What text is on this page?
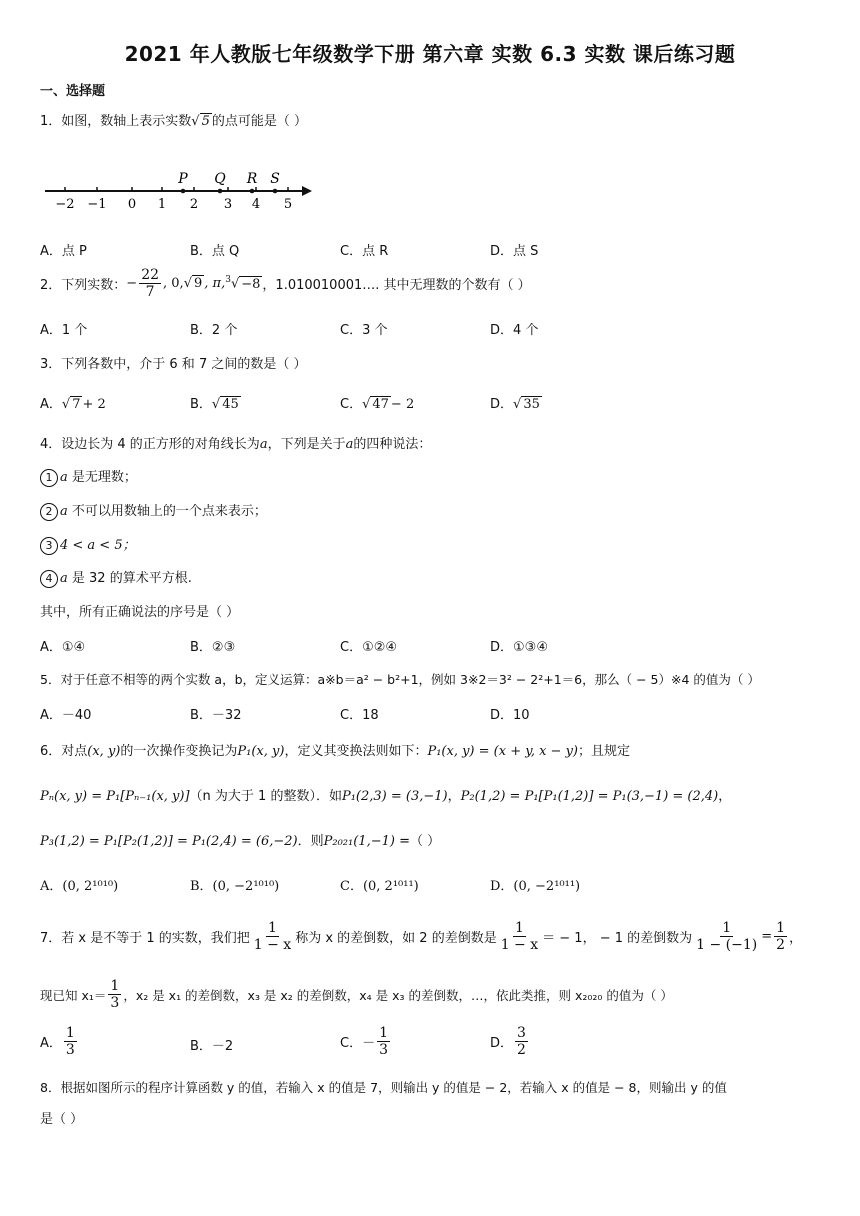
2021 年人教版七年级数学下册 第六章 实数 6.3 实数 课后练习题
一、选择题
1．如图，数轴上表示实数√ 5 的点可能是（ ）
−2 −1 0 1 2 3 4 5
P Q R S
A．点 P	B．点 Q	C．点 R	D．点 S
2．下列实数： − $\frac{22}{7}$ , 0, √ 9 , π, $^3$√ −8 ，1.010010001…. 其中无理数的个数有（ ）
A．1 个	B．2 个	C．3 个	D．4 个
3．下列各数中，介于 6 和 7 之间的数是（ ）
A．√ 7 + 2	B．√ 45	C．√ 47 − 2	D．√ 35
4．设边长为 4 的正方形的对角线长为a，下列是关于a的四种说法：
1 a 是无理数；
2 a 不可以用数轴上的一个点来表示；
3 4 < a < 5；
4 a 是 32 的算术平方根.
其中，所有正确说法的序号是（ ）
A．①④	B．②③	C．①②④	D．①③④
5．对于任意不相等的两个实数 a，b，定义运算：a※b＝a² − b²+1，例如 3※2＝3² − 2²+1＝6，那么（ − 5）※4 的值为（ ）
A．－40	B．－32	C．18	D．10
6．对点(x, y)的一次操作变换记为P₁(x, y)，定义其变换法则如下：P₁(x, y) = (x + y, x − y)；且规定
Pₙ(x, y) = P₁[Pₙ₋₁(x, y)]（n 为大于 1 的整数）．如P₁(2,3) = (3,−1)，P₂(1,2) = P₁[P₁(1,2)] = P₁(3,−1) = (2,4)，
P₃(1,2) = P₁[P₂(1,2)] = P₁(2,4) = (6,−2)．则P₂₀₂₁(1,−1) =（ ）
A．(0, 2¹⁰¹⁰)	B．(0, −2¹⁰¹⁰)	C．(0, 2¹⁰¹¹)	D．(0, −2¹⁰¹¹)
7．若 x 是不等于 1 的实数，我们把 $\frac{1}{1 - x}$ 称为 x 的差倒数，如 2 的差倒数是 $\frac{1}{1 - x}$ ＝ − 1， − 1 的差倒数为 $\frac{1}{1 - (-1)} = \frac{1}{2}$ ，
现已知 $x_1= \frac{1}{3}$ ，x₂ 是 x₁ 的差倒数，x₃ 是 x₂ 的差倒数，x₄ 是 x₃ 的差倒数，…，依此类推，则 x₂₀₂₀ 的值为（ ）
A． $\frac{1}{3}$	B．－2	C．－ $\frac{1}{3}$	D． $\frac{3}{2}$
8．根据如图所示的程序计算函数 y 的值，若输入 x 的值是 7，则输出 y 的值是 − 2，若输入 x 的值是 − 8，则输出 y 的值
是（ ）
